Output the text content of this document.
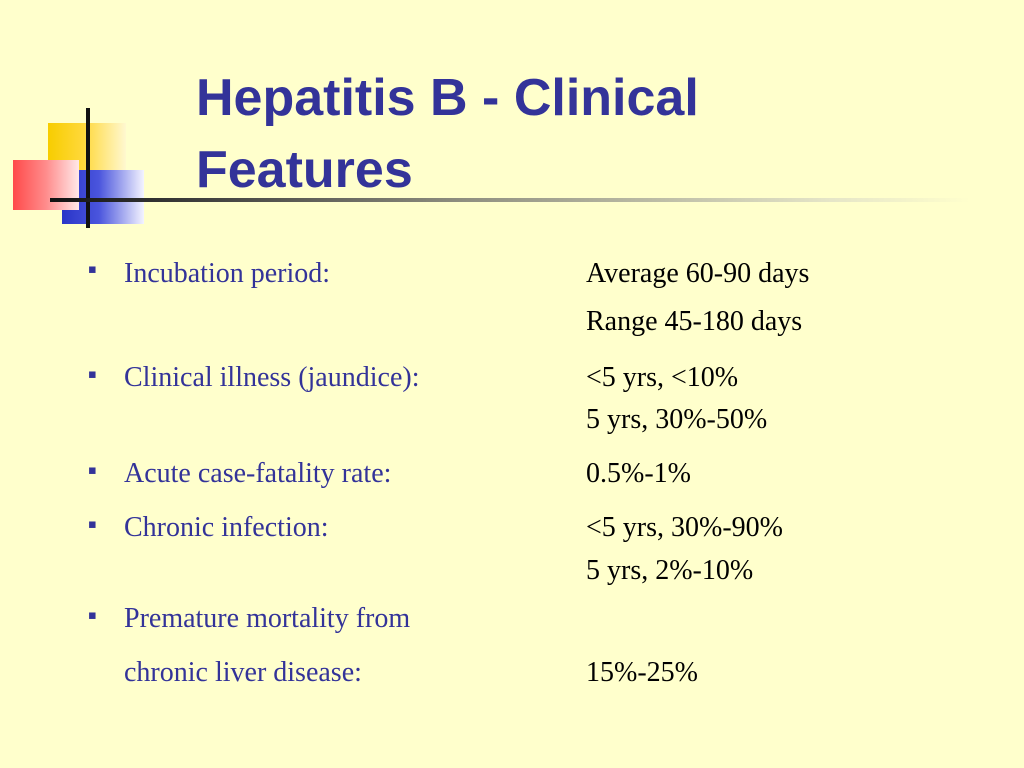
Hepatitis B - Clinical
Features
▪ Incubation period:	Average 60-90 days
Range 45-180 days
▪ Clinical illness (jaundice):	<5 yrs, <10%
5 yrs, 30%-50%
▪ Acute case-fatality rate:	0.5%-1%
▪ Chronic infection:	<5 yrs, 30%-90%
5 yrs, 2%-10%
▪ Premature mortality from
chronic liver disease:	15%-25%
